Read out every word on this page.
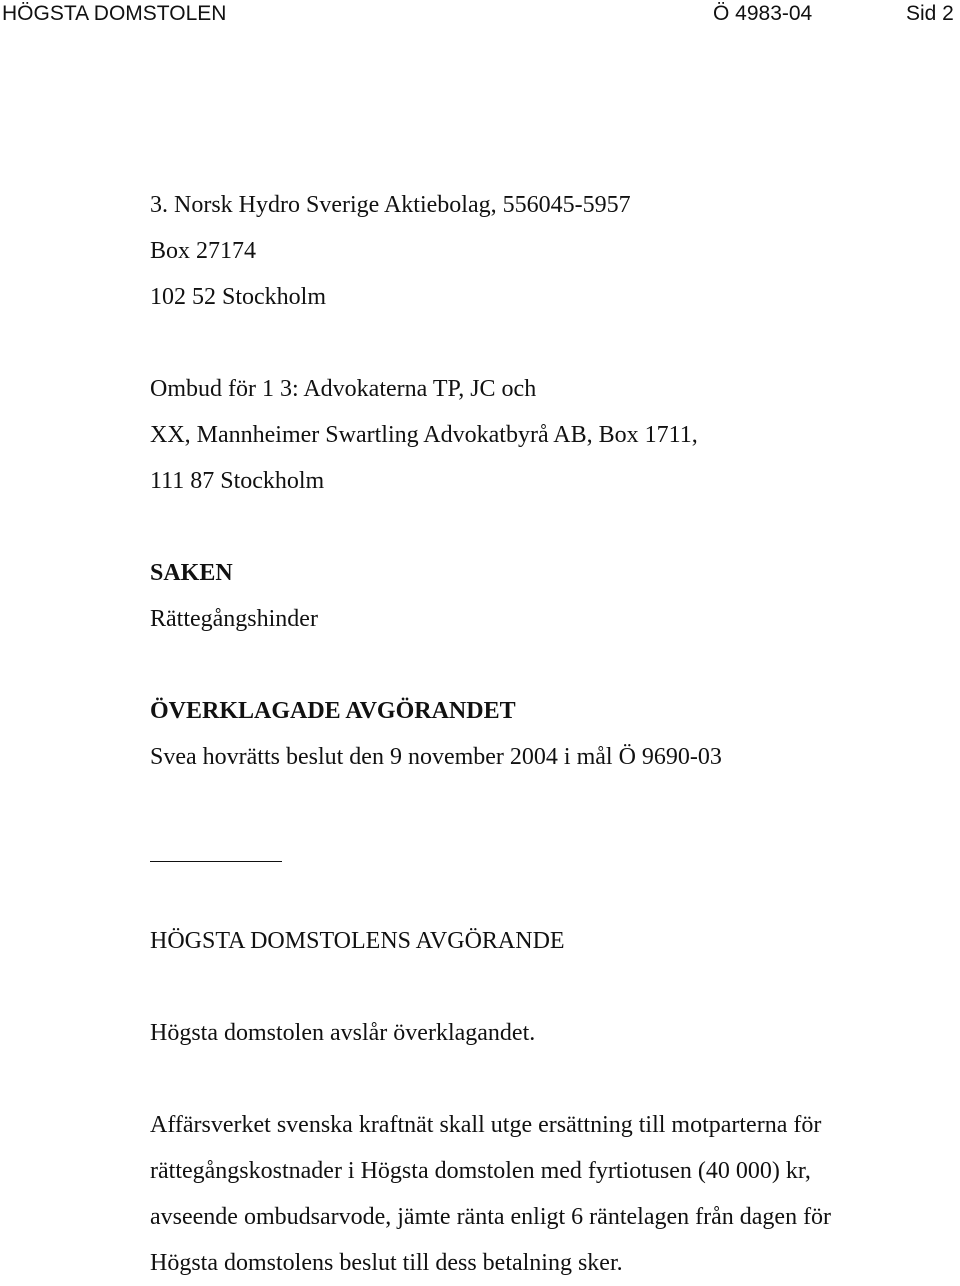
HÖGSTA DOMSTOLEN	Ö 4983-04	Sid 2
3. Norsk Hydro Sverige Aktiebolag, 556045-5957
Box 27174
102 52 Stockholm
Ombud för 1 3: Advokaterna TP, JC och
XX, Mannheimer Swartling Advokatbyrå AB, Box 1711,
111 87 Stockholm
SAKEN
Rättegångshinder
ÖVERKLAGADE AVGÖRANDET
Svea hovrätts beslut den 9 november 2004 i mål Ö 9690-03
HÖGSTA DOMSTOLENS AVGÖRANDE
Högsta domstolen avslår överklagandet.
Affärsverket svenska kraftnät skall utge ersättning till motparterna för
rättegångskostnader i Högsta domstolen med fyrtiotusen (40 000) kr,
avseende ombudsarvode, jämte ränta enligt 6 räntelagen från dagen för
Högsta domstolens beslut till dess betalning sker.
